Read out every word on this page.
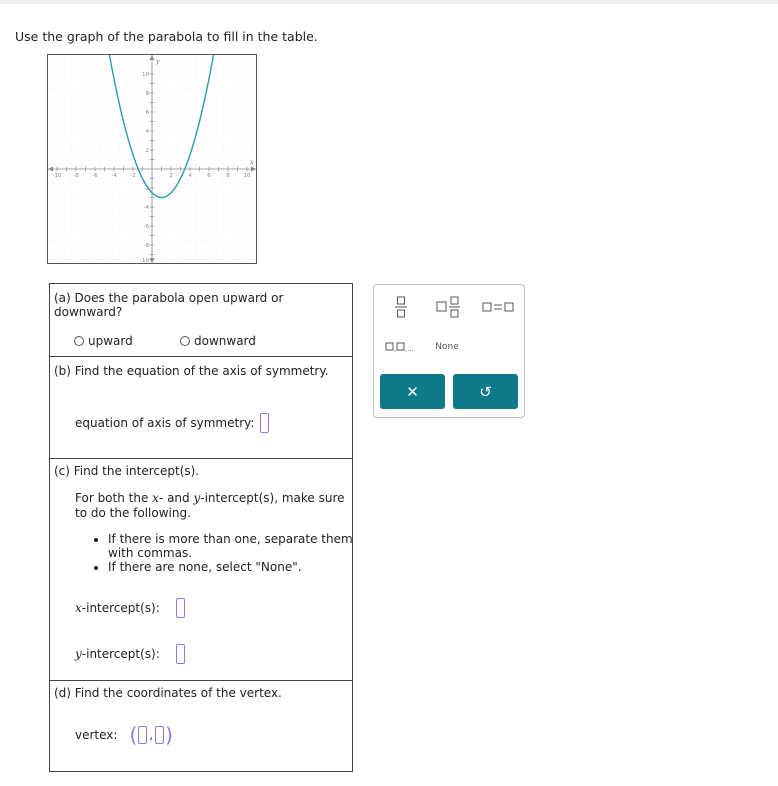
Use the graph of the parabola to fill in the table.
-10 -8 -6 -4 -2	2	4	6	8	10
10
8
6
4
2
-2
-4
-6
-8
-10
x
y
(a) Does the parabola open upward or downward?
upward	downward
(b) Find the equation of the axis of symmetry.
equation of axis of symmetry:
(c) Find the intercept(s).
For both the x- and y-intercept(s), make sure to do the following.
• If there is more than one, separate them with commas.
• If there are none, select "None".
x-intercept(s):
y-intercept(s):
(d) Find the coordinates of the vertex.
vertex: ( , )
, ,...	None
✕	↺
